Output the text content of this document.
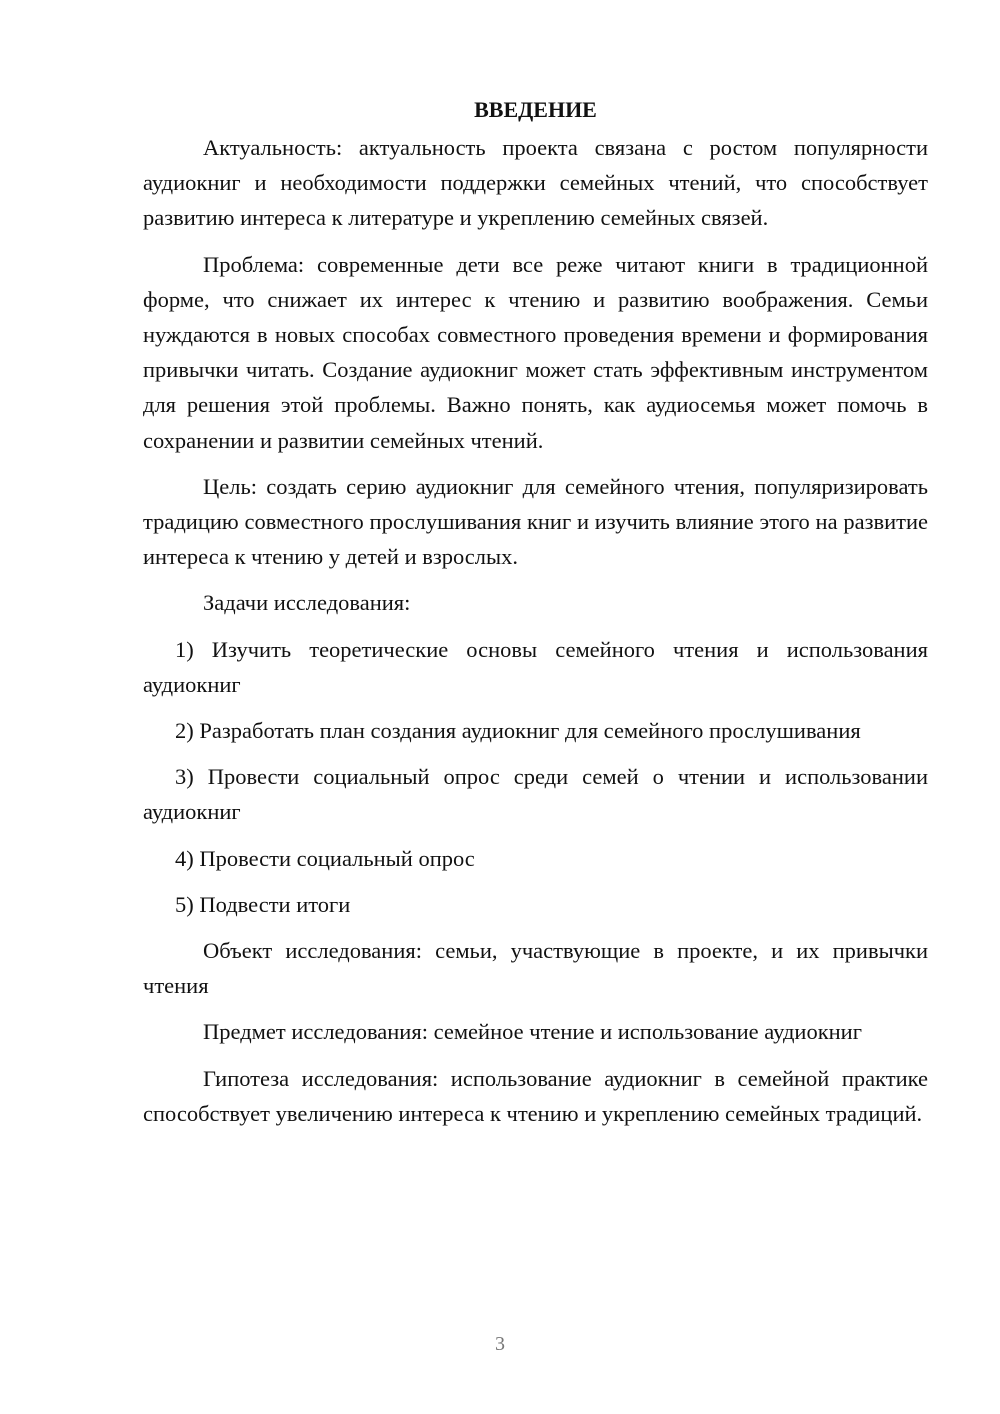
ВВЕДЕНИЕ

Актуальность: актуальность проекта связана с ростом популярности аудиокниг и необходимости поддержки семейных чтений, что способствует развитию интереса к литературе и укреплению семейных связей.

Проблема: современные дети все реже читают книги в традиционной форме, что снижает их интерес к чтению и развитию воображения. Семьи нуждаются в новых способах совместного проведения времени и формирования привычки читать. Создание аудиокниг может стать эффективным инструментом для решения этой проблемы. Важно понять, как аудиосемья может помочь в сохранении и развитии семейных чтений.

Цель: создать серию аудиокниг для семейного чтения, популяризировать традицию совместного прослушивания книг и изучить влияние этого на развитие интереса к чтению у детей и взрослых.

Задачи исследования:

1) Изучить теоретические основы семейного чтения и использования аудиокниг

2) Разработать план создания аудиокниг для семейного прослушивания

3) Провести социальный опрос среди семей о чтении и использовании аудиокниг

4) Провести социальный опрос

5) Подвести итоги

Объект исследования: семьи, участвующие в проекте, и их привычки чтения

Предмет исследования: семейное чтение и использование аудиокниг

Гипотеза исследования: использование аудиокниг в семейной практике способствует увеличению интереса к чтению и укреплению семейных традиций.

3
